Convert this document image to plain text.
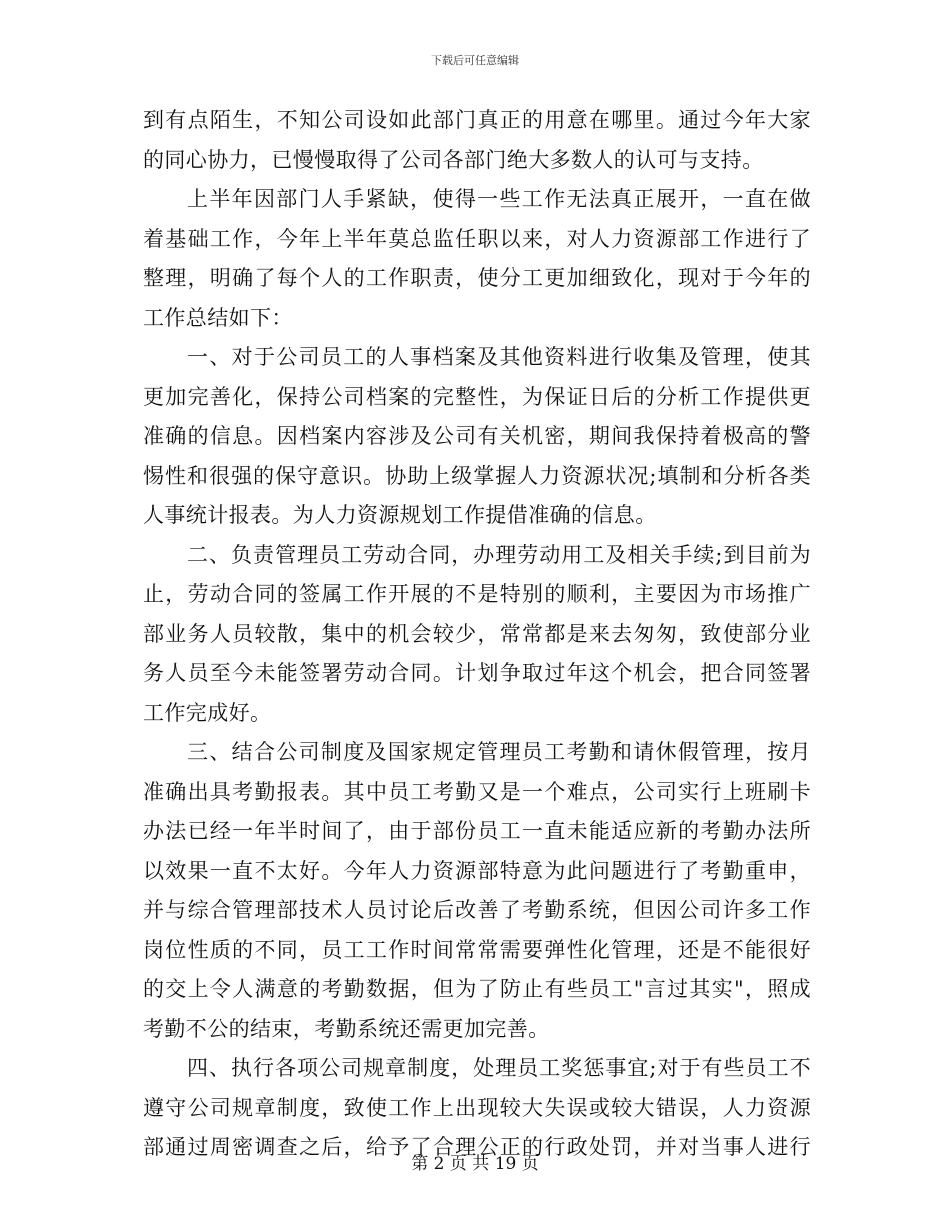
下载后可任意编辑
到有点陌生，不知公司设如此部门真正的用意在哪里。通过今年大家
的同心协力，已慢慢取得了公司各部门绝大多数人的认可与支持。
上半年因部门人手紧缺，使得一些工作无法真正展开，一直在做
着基础工作，今年上半年莫总监任职以来，对人力资源部工作进行了
整理，明确了每个人的工作职责，使分工更加细致化，现对于今年的
工作总结如下：
一、对于公司员工的人事档案及其他资料进行收集及管理，使其
更加完善化，保持公司档案的完整性，为保证日后的分析工作提供更
准确的信息。因档案内容涉及公司有关机密，期间我保持着极高的警
惕性和很强的保守意识。协助上级掌握人力资源状况;填制和分析各类
人事统计报表。为人力资源规划工作提借准确的信息。
二、负责管理员工劳动合同，办理劳动用工及相关手续;到目前为
止，劳动合同的签属工作开展的不是特别的顺利，主要因为市场推广
部业务人员较散，集中的机会较少，常常都是来去匆匆，致使部分业
务人员至今未能签署劳动合同。计划争取过年这个机会，把合同签署
工作完成好。
三、结合公司制度及国家规定管理员工考勤和请休假管理，按月
准确出具考勤报表。其中员工考勤又是一个难点，公司实行上班刷卡
办法已经一年半时间了，由于部份员工一直未能适应新的考勤办法所
以效果一直不太好。今年人力资源部特意为此问题进行了考勤重申，
并与综合管理部技术人员讨论后改善了考勤系统，但因公司许多工作
岗位性质的不同，员工工作时间常常需要弹性化管理，还是不能很好
的交上令人满意的考勤数据，但为了防止有些员工"言过其实"，照成
考勤不公的结束，考勤系统还需更加完善。
四、执行各项公司规章制度，处理员工奖惩事宜;对于有些员工不
遵守公司规章制度，致使工作上出现较大失误或较大错误，人力资源
部通过周密调查之后，给予了合理公正的行政处罚，并对当事人进行
第 2 页 共 19 页
